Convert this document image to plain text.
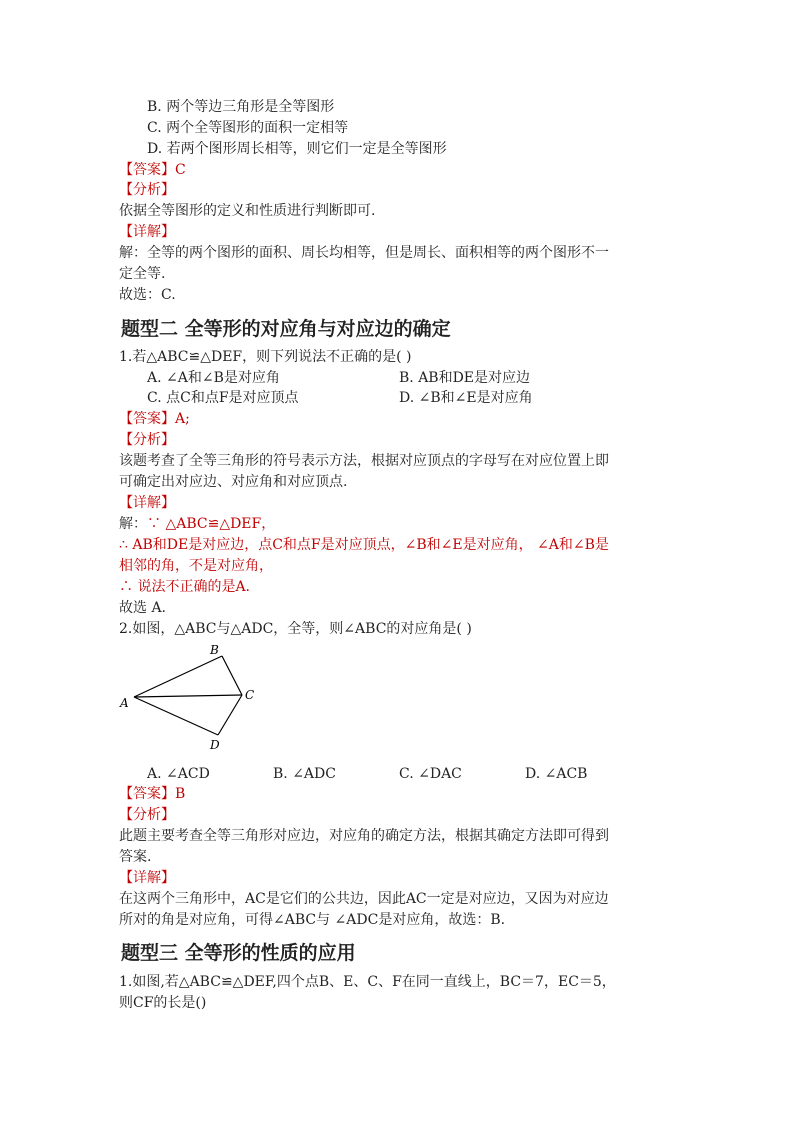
B. 两个等边三角形是全等图形
C. 两个全等图形的面积一定相等
D. 若两个图形周长相等，则它们一定是全等图形
【答案】C
【分析】
依据全等图形的定义和性质进行判断即可.
【详解】
解：全等的两个图形的面积、周长均相等，但是周长、面积相等的两个图形不一
定全等.
故选：C.
题型二 全等形的对应角与对应边的确定
1.若△ABC≌△DEF，则下列说法不正确的是( )
A. ∠A和∠B是对应角	B. AB和DE是对应边
C. 点C和点F是对应顶点	D. ∠B和∠E是对应角
【答案】A;
【分析】
该题考查了全等三角形的符号表示方法，根据对应顶点的字母写在对应位置上即
可确定出对应边、对应角和对应顶点.
【详解】
解：∵ △ABC≌△DEF，
∴ AB和DE是对应边，点C和点F是对应顶点，∠B和∠E是对应角， ∠A和∠B是
相邻的角，不是对应角，
∴ 说法不正确的是A.
故选 A.
2.如图，△ABC与△ADC，全等，则∠ABC的对应角是( )
A
B
C
D
A. ∠ACD	B. ∠ADC	C. ∠DAC	D. ∠ACB
【答案】B
【分析】
此题主要考查全等三角形对应边，对应角的确定方法，根据其确定方法即可得到
答案.
【详解】
在这两个三角形中，AC是它们的公共边，因此AC一定是对应边，又因为对应边
所对的角是对应角，可得∠ABC与 ∠ADC是对应角，故选：B.
题型三 全等形的性质的应用
1.如图,若△ABC≌△DEF,四个点B、E、C、F在同一直线上，BC＝7，EC＝5，
则CF的长是()
